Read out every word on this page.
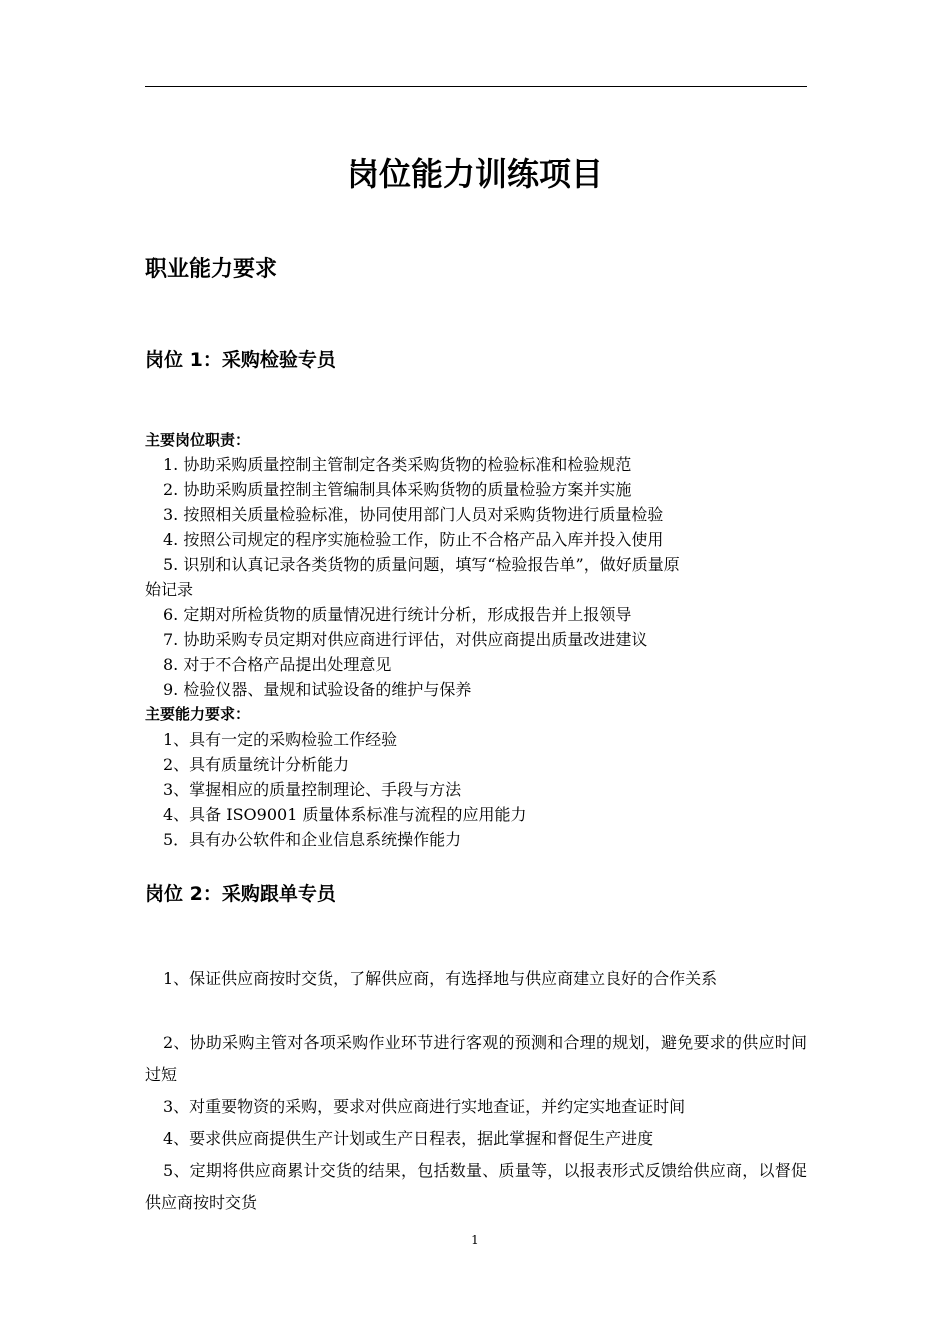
岗位能力训练项目
职业能力要求
岗位 1：采购检验专员
主要岗位职责：
1. 协助采购质量控制主管制定各类采购货物的检验标准和检验规范
2. 协助采购质量控制主管编制具体采购货物的质量检验方案并实施
3. 按照相关质量检验标准，协同使用部门人员对采购货物进行质量检验
4. 按照公司规定的程序实施检验工作，防止不合格产品入库并投入使用
5. 识别和认真记录各类货物的质量问题，填写“检验报告单”，做好质量原
始记录
6. 定期对所检货物的质量情况进行统计分析，形成报告并上报领导
7. 协助采购专员定期对供应商进行评估，对供应商提出质量改进建议
8. 对于不合格产品提出处理意见
9. 检验仪器、量规和试验设备的维护与保养
主要能力要求：
1、具有一定的采购检验工作经验
2、具有质量统计分析能力
3、掌握相应的质量控制理论、手段与方法
4、具备 ISO9001 质量体系标准与流程的应用能力
5．具有办公软件和企业信息系统操作能力
岗位 2：采购跟单专员
1、保证供应商按时交货，了解供应商，有选择地与供应商建立良好的合作关系
2、协助采购主管对各项采购作业环节进行客观的预测和合理的规划，避免要求的供应时间过短
3、对重要物资的采购，要求对供应商进行实地查证，并约定实地查证时间
4、要求供应商提供生产计划或生产日程表，据此掌握和督促生产进度
5、定期将供应商累计交货的结果，包括数量、质量等，以报表形式反馈给供应商，以督促供应商按时交货
1
